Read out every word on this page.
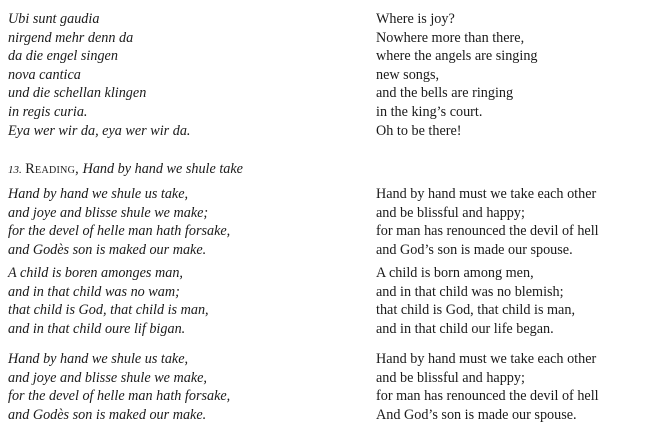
Ubi sunt gaudia
nirgend mehr denn da
da die engel singen
nova cantica
und die schellan klingen
in regis curia.
Eya wer wir da, eya wer wir da.
Where is joy?
Nowhere more than there,
where the angels are singing
new songs,
and the bells are ringing
in the king’s court.
Oh to be there!
13. Reading, Hand by hand we shule take
Hand by hand we shule us take,
and joye and blisse shule we make;
for the devel of helle man hath forsake,
and Godès son is maked our make.
Hand by hand must we take each other
and be blissful and happy;
for man has renounced the devil of hell
and God’s son is made our spouse.
A child is boren amonges man,
and in that child was no wam;
that child is God, that child is man,
and in that child oure lif bigan.
A child is born among men,
and in that child was no blemish;
that child is God, that child is man,
and in that child our life began.
Hand by hand we shule us take,
and joye and blisse shule we make,
for the devel of helle man hath forsake,
and Godès son is maked our make.
Hand by hand must we take each other
and be blissful and happy;
for man has renounced the devil of hell
And God’s son is made our spouse.
